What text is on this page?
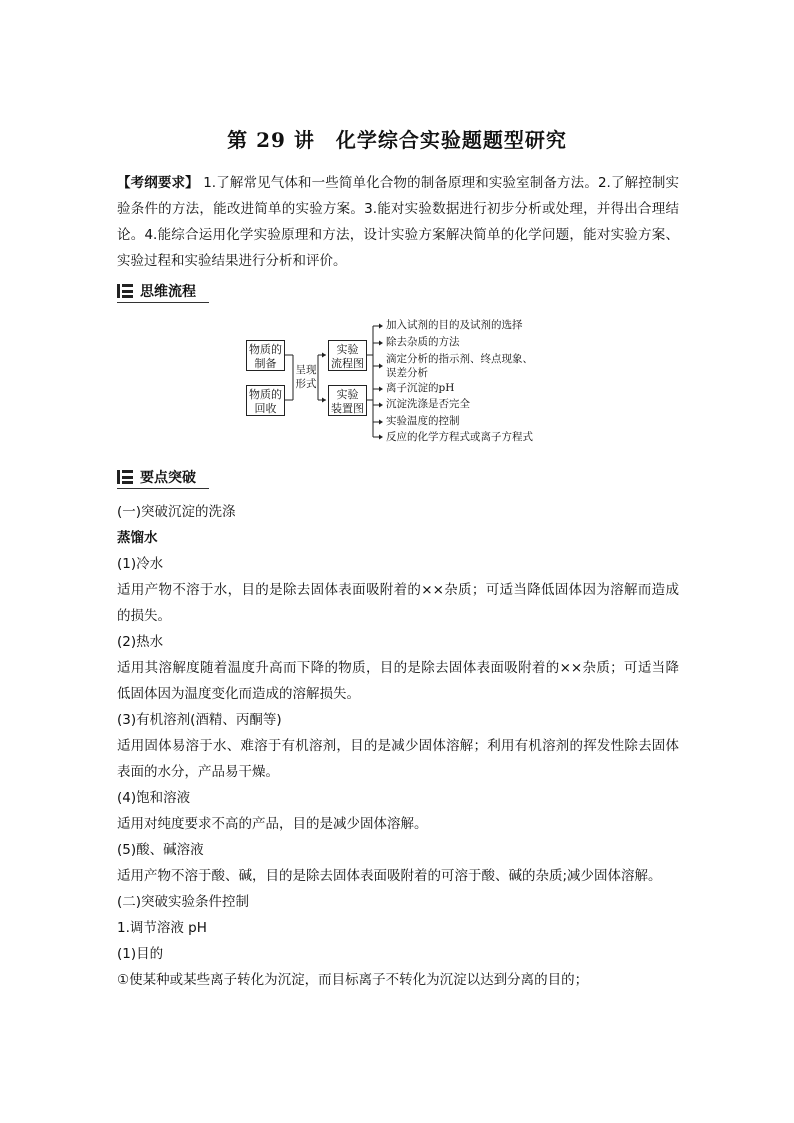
第 29 讲　化学综合实验题题型研究
【考纲要求】 1.了解常见气体和一些简单化合物的制备原理和实验室制备方法。2.了解控制实验条件的方法，能改进简单的实验方案。3.能对实验数据进行初步分析或处理，并得出合理结论。4.能综合运用化学实验原理和方法，设计实验方案解决简单的化学问题，能对实验方案、实验过程和实验结果进行分析和评价。
思维流程
物质的
制备
物质的
回收
呈现
形式
实验
流程图
实验
装置图
加入试剂的目的及试剂的选择
除去杂质的方法
滴定分析的指示剂、终点现象、
误差分析
离子沉淀的pH
沉淀洗涤是否完全
实验温度的控制
反应的化学方程式或离子方程式
要点突破

(一)突破沉淀的洗涤

蒸馏水

(1)冷水

适用产物不溶于水，目的是除去固体表面吸附着的××杂质；可适当降低固体因为溶解而造成的损失。

(2)热水

适用其溶解度随着温度升高而下降的物质，目的是除去固体表面吸附着的××杂质；可适当降低固体因为温度变化而造成的溶解损失。

(3)有机溶剂(酒精、丙酮等)

适用固体易溶于水、难溶于有机溶剂，目的是减少固体溶解；利用有机溶剂的挥发性除去固体表面的水分，产品易干燥。

(4)饱和溶液

适用对纯度要求不高的产品，目的是减少固体溶解。

(5)酸、碱溶液

适用产物不溶于酸、碱，目的是除去固体表面吸附着的可溶于酸、碱的杂质;减少固体溶解。

(二)突破实验条件控制

1.调节溶液 pH

(1)目的

①使某种或某些离子转化为沉淀，而目标离子不转化为沉淀以达到分离的目的；
